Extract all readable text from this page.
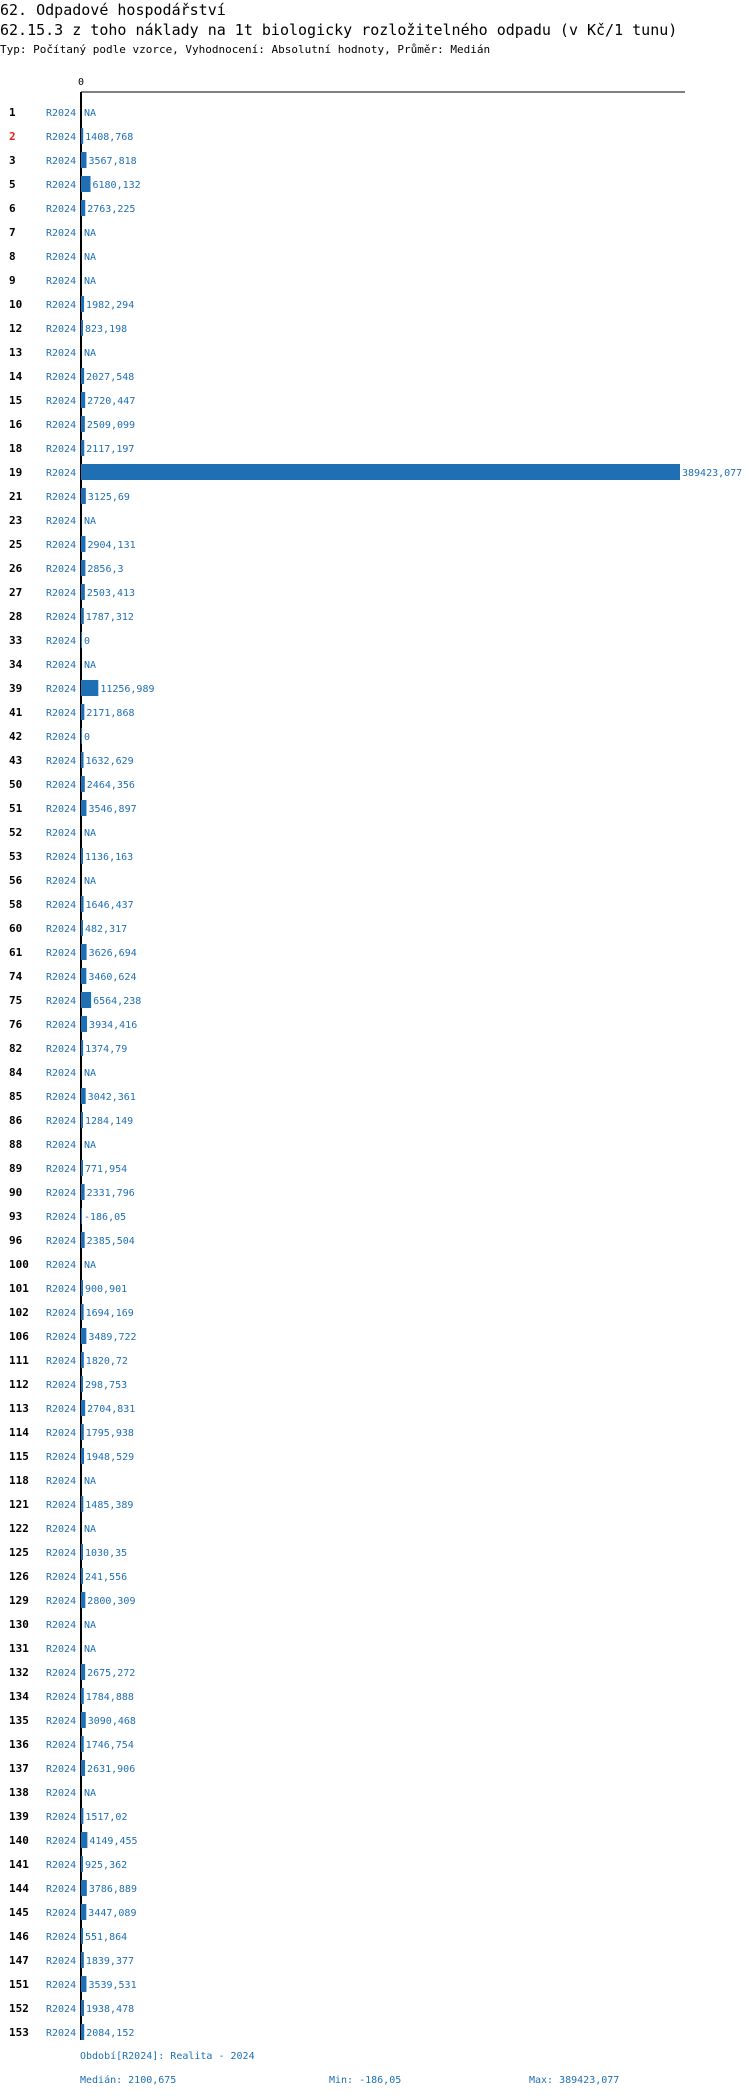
62. Odpadové hospodářství
62.15.3 z toho náklady na 1t biologicky rozložitelného odpadu (v Kč/1 tunu)
Typ: Počítaný podle vzorce, Vyhodnocení: Absolutní hodnoty, Průměr: Medián
0
1	R2024 NA
2	R2024 1408,768
3	R2024 3567,818
5	R2024 6180,132
6	R2024 2763,225
7	R2024 NA
8	R2024 NA
9	R2024 NA
10 R2024 1982,294
12 R2024 823,198
13 R2024 NA
14 R2024 2027,548
15 R2024 2720,447
16 R2024 2509,099
18 R2024 2117,197
19 R2024	389423,077
21 R2024 3125,69
23 R2024 NA
25 R2024 2904,131
26 R2024 2856,3
27 R2024 2503,413
28 R2024 1787,312
33 R2024 0
34 R2024 NA
39 R2024 11256,989
41 R2024 2171,868
42 R2024 0
43 R2024 1632,629
50 R2024 2464,356
51 R2024 3546,897
52 R2024 NA
53 R2024 1136,163
56 R2024 NA
58 R2024 1646,437
60 R2024 482,317
61 R2024 3626,694
74 R2024 3460,624
75 R2024 6564,238
76 R2024 3934,416
82 R2024 1374,79
84 R2024 NA
85 R2024 3042,361
86 R2024 1284,149
88 R2024 NA
89 R2024 771,954
90 R2024 2331,796
93 R2024 -186,05
96 R2024 2385,504
100 R2024 NA
101 R2024 900,901
102 R2024 1694,169
106 R2024 3489,722
111 R2024 1820,72
112 R2024 298,753
113 R2024 2704,831
114 R2024 1795,938
115 R2024 1948,529
118 R2024 NA
121 R2024 1485,389
122 R2024 NA
125 R2024 1030,35
126 R2024 241,556
129 R2024 2800,309
130 R2024 NA
131 R2024 NA
132 R2024 2675,272
134 R2024 1784,888
135 R2024 3090,468
136 R2024 1746,754
137 R2024 2631,906
138 R2024 NA
139 R2024 1517,02
140 R2024 4149,455
141 R2024 925,362
144 R2024 3786,889
145 R2024 3447,089
146 R2024 551,864
147 R2024 1839,377
151 R2024 3539,531
152 R2024 1938,478
153 R2024 2084,152
Období[R2024]: Realita - 2024
Medián: 2100,675	Min: -186,05	Max: 389423,077
